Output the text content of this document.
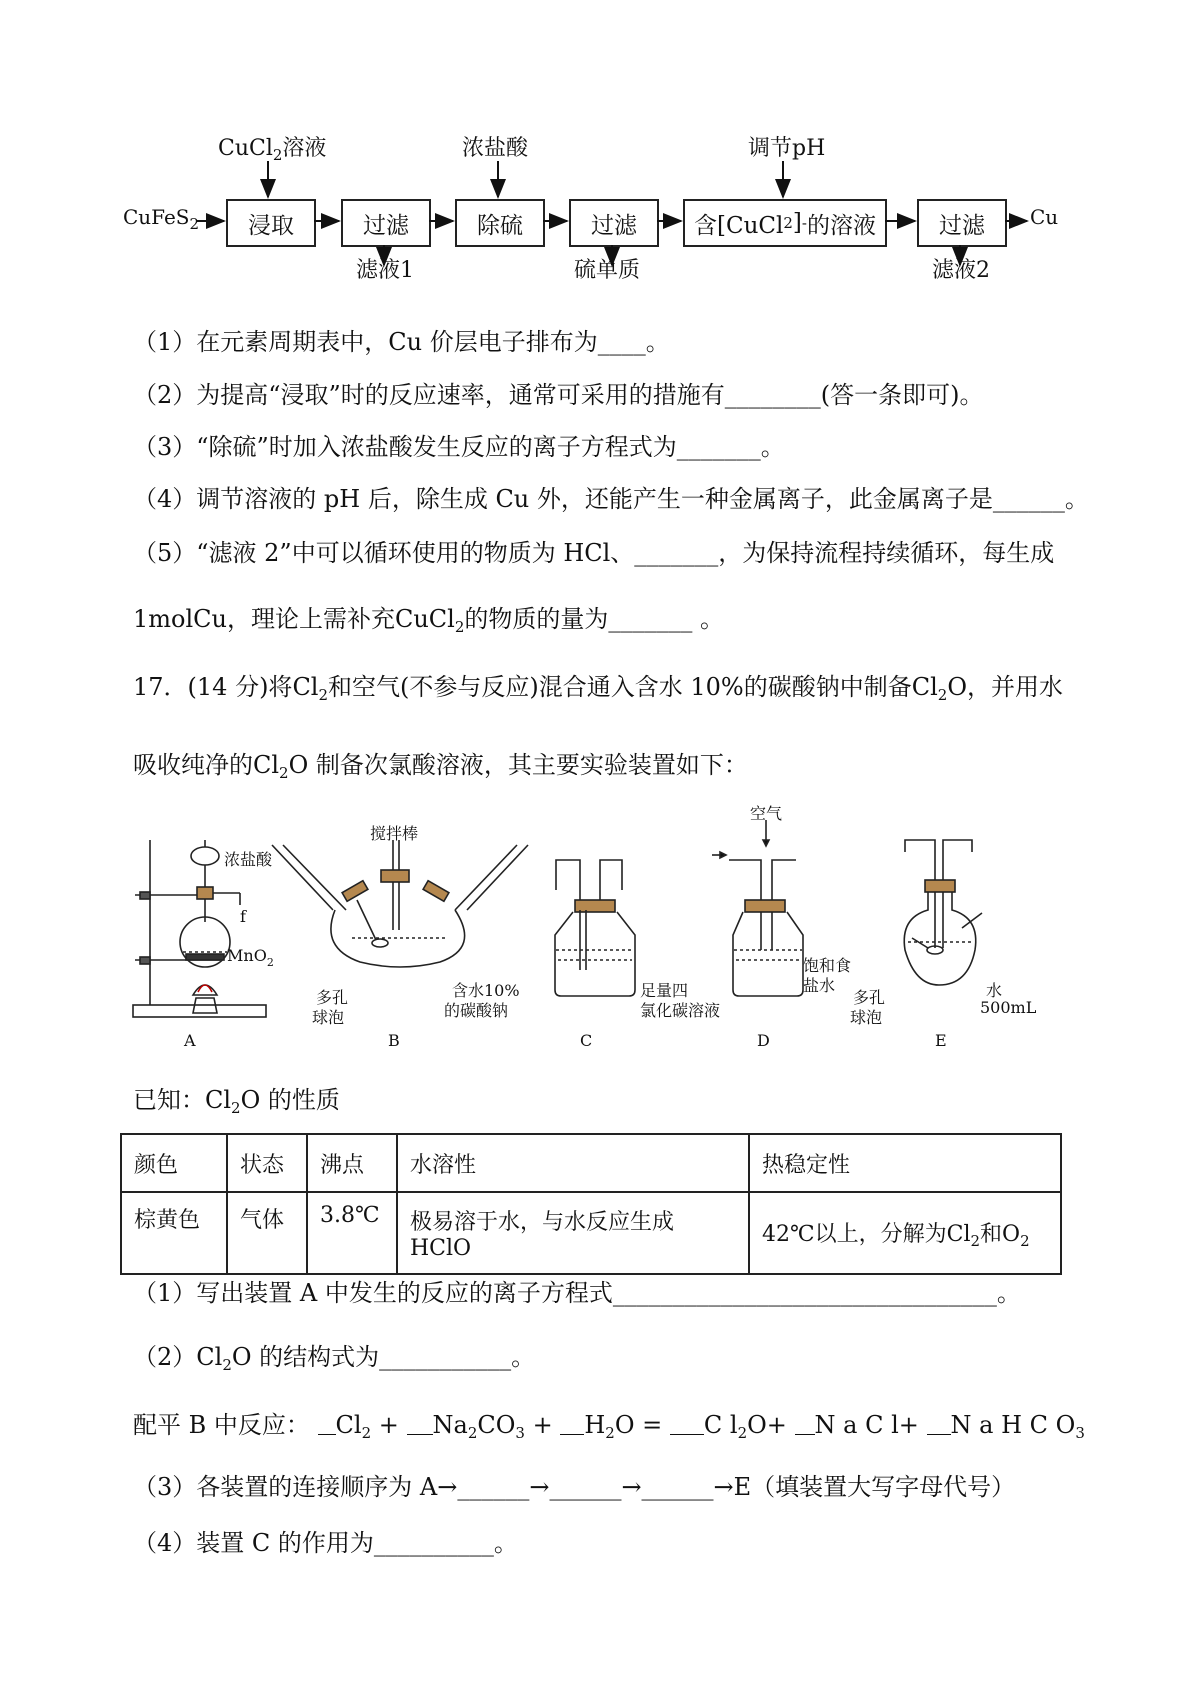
CuCl$_2$溶液	浓盐酸	调节pH
CuFeS$_2$	Cu
浸取	过滤	除硫	过滤	含[CuCl 2 ] - 的溶液	过滤
滤液1	硫单质	滤液2
（1）在元素周期表中，Cu 价层电子排布为____。
（2）为提高“浸取”时的反应速率，通常可采用的措施有________(答一条即可)。
（3）“除硫”时加入浓盐酸发生反应的离子方程式为_______。
（4）调节溶液的 pH 后，除生成 Cu 外，还能产生一种金属离子，此金属离子是______。
（5）“滤液 2”中可以循环使用的物质为 HCl、_______，为保持流程持续循环，每生成
1molCu，理论上需补充CuCl$_2$的物质的量为_______ 。
17．(14 分)将$Cl_2$和空气(不参与反应)混合通入含水 10%的碳酸钠中制备$Cl_2O$，并用水
吸收纯净的$Cl_2O$ 制备次氯酸溶液，其主要实验装置如下：
浓盐酸
f
MnO$_2$
A
搅拌棒
多孔
球泡
含水10%
的碳酸钠
B
足量四
氯化碳溶液
C
空气
饱和食
盐水
D
多孔
球泡
水
500mL
E
已知：$Cl_2O$ 的性质
颜色	状态	沸点	水溶性	热稳定性
棕黄色	气体	3.8℃	极易溶于水，与水反应生成 HClO	42℃以上，分解为$Cl_2$和$O_2$
（1）写出装置 A 中发生的反应的离子方程式________________________________。
$(2)Cl_2O$ 的结构式为___________。
配平 B 中反应： $Cl_2 + Na_2CO_3 + H_2O = C$ $l_2O+ N$ a C l+ N a H C $O_3$
（3）各装置的连接顺序为 A→______→______→______→E（填装置大写字母代号）
（4）装置 C 的作用为__________。
